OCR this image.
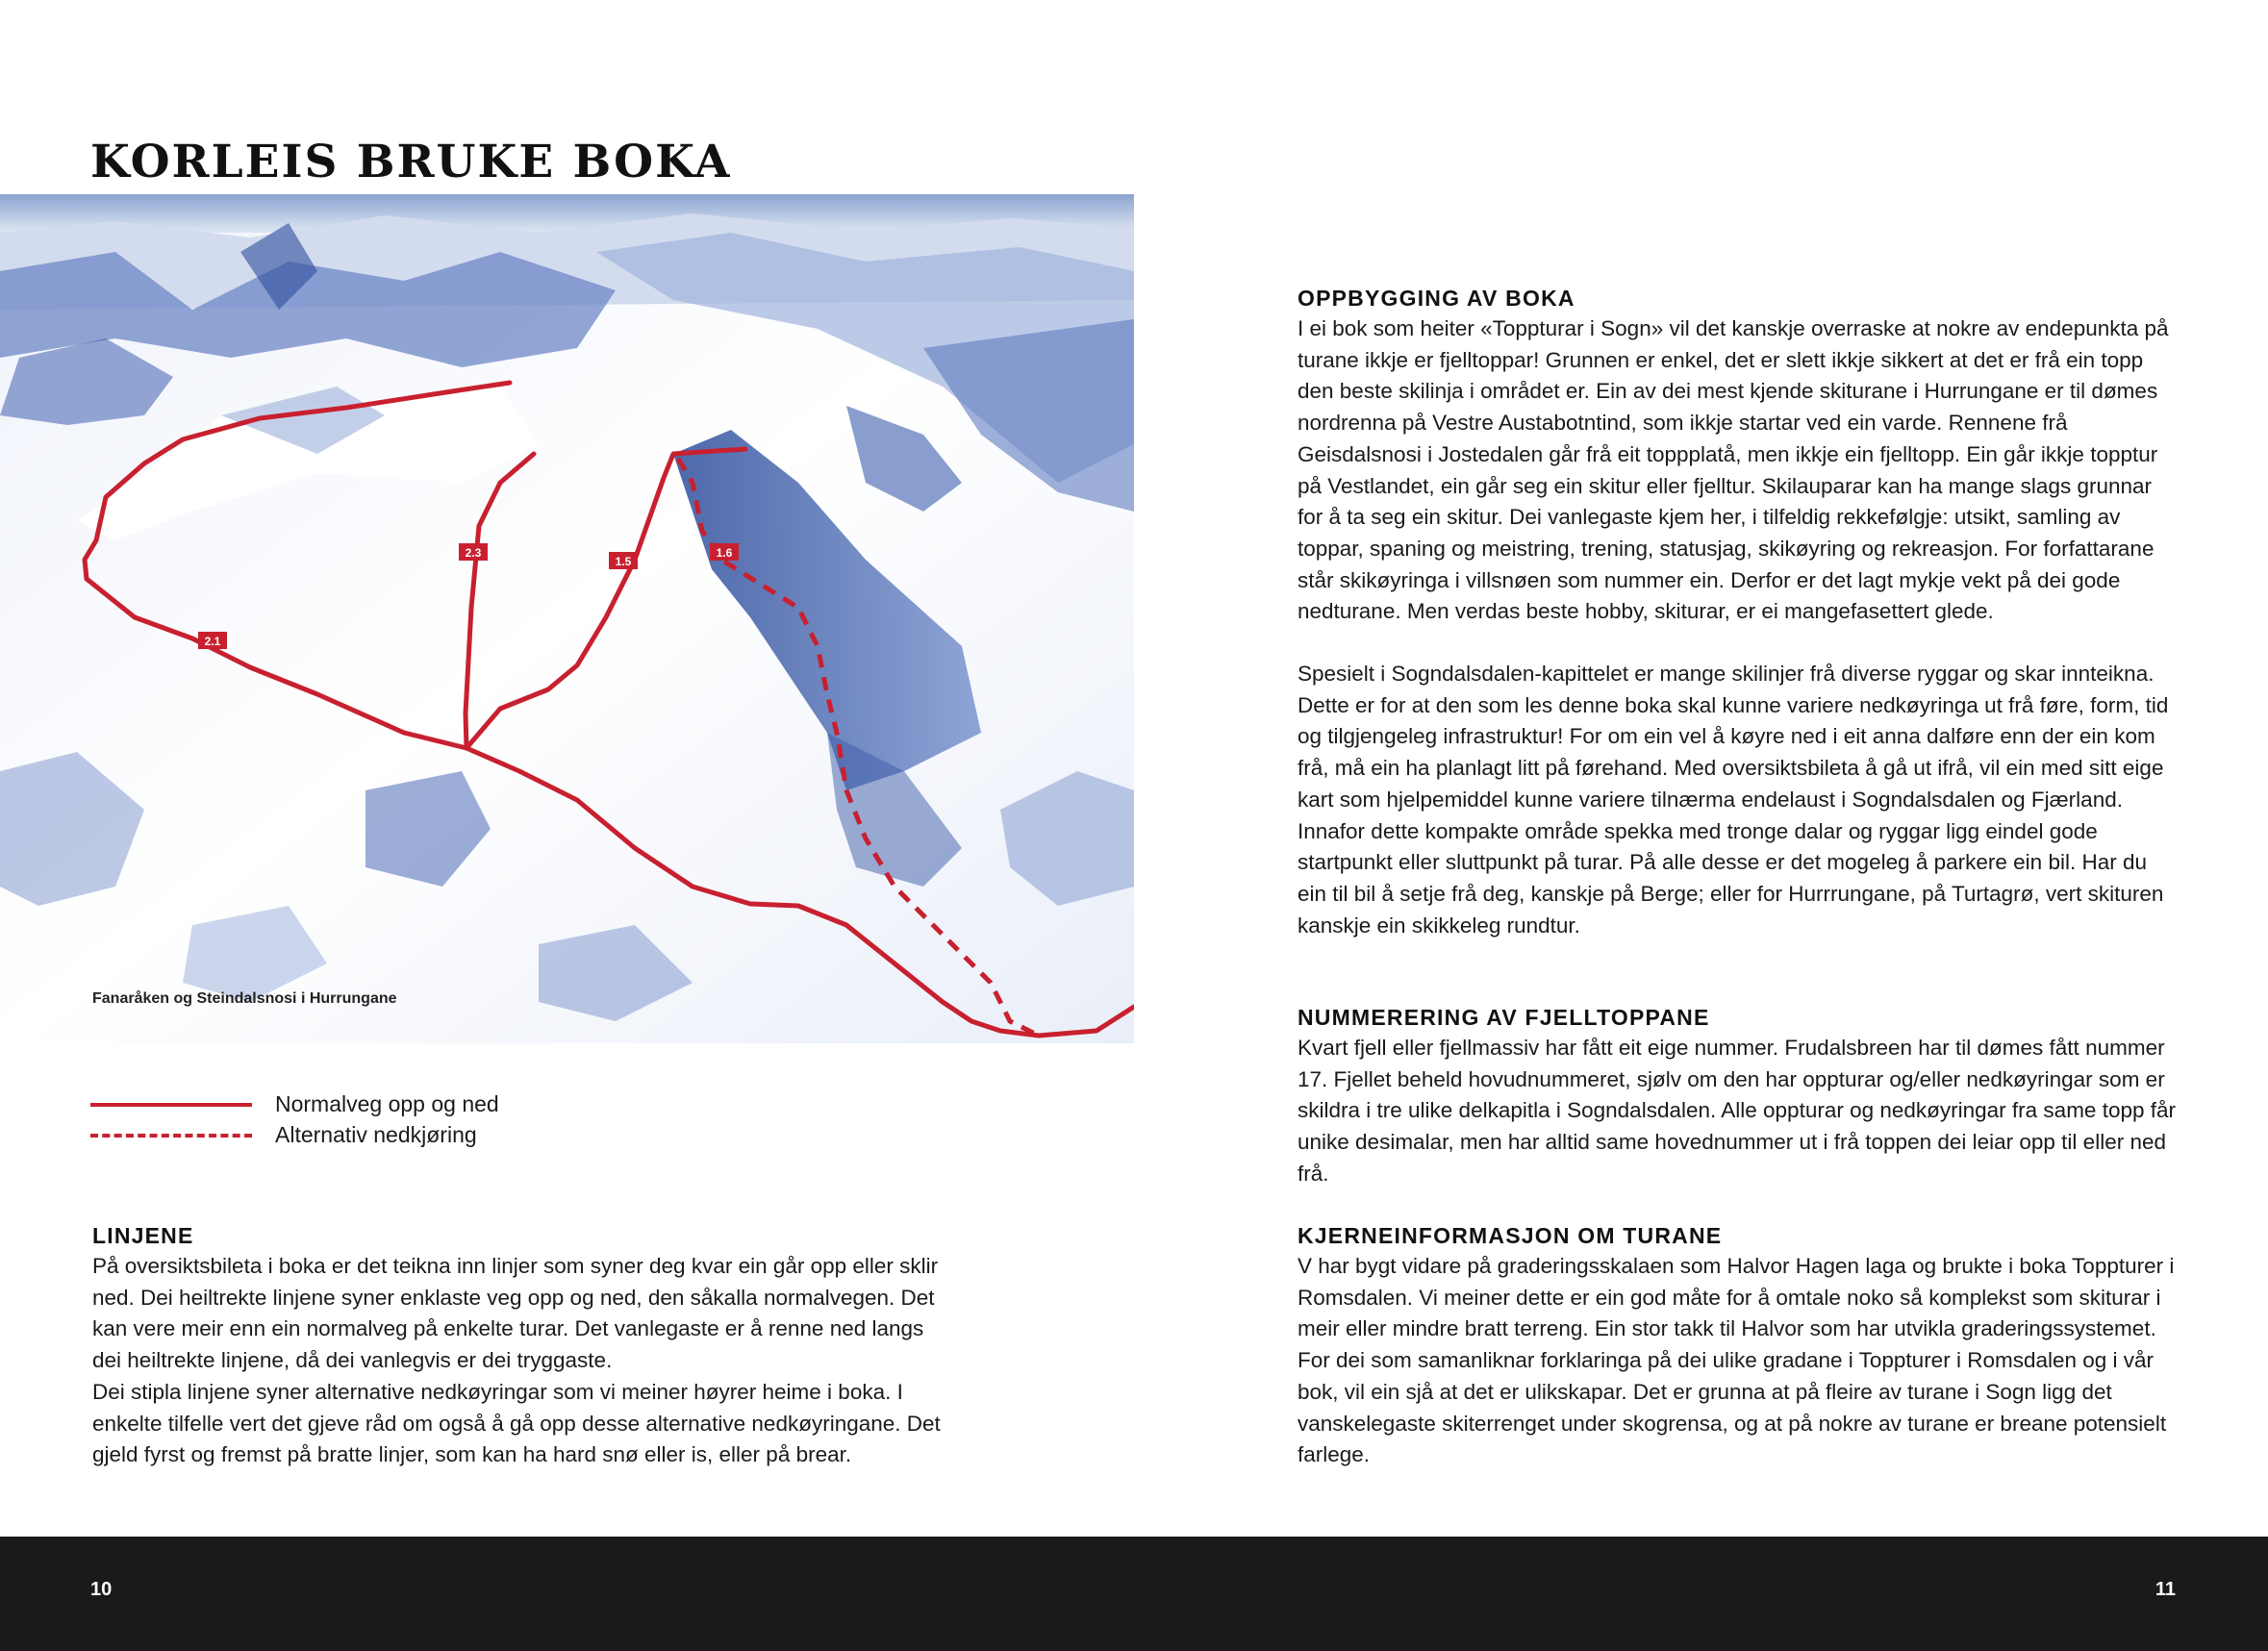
KORLEIS BRUKE BOKA
2.1
2.3
1.5
1.6
Fanaråken og Steindalsnosi i Hurrungane
Normalveg opp og ned
Alternativ nedkjøring
LINJENE

På oversiktsbileta i boka er det teikna inn linjer som syner deg kvar ein går opp eller sklir ned. Dei heiltrekte linjene syner enklaste veg opp og ned, den såkalla normalvegen. Det kan vere meir enn ein normalveg på enkelte turar. Det vanlegaste er å renne ned langs dei heiltrekte linjene, då dei vanlegvis er dei tryggaste.

Dei stipla linjene syner alternative nedkøyringar som vi meiner høyrer heime i boka. I enkelte tilfelle vert det gjeve råd om også å gå opp desse alternative nedkøyringane. Det gjeld fyrst og fremst på bratte linjer, som kan ha hard snø eller is, eller på brear.

OPPBYGGING AV BOKA

I ei bok som heiter «Toppturar i Sogn» vil det kanskje overraske at nokre av endepunkta på turane ikkje er fjelltoppar! Grunnen er enkel, det er slett ikkje sikkert at det er frå ein topp den beste skilinja i området er. Ein av dei mest kjende skiturane i Hurrungane er til dømes nordrenna på Vestre Austabotntind, som ikkje startar ved ein varde. Rennene frå Geisdalsnosi i Jostedalen går frå eit toppplatå, men ikkje ein fjelltopp. Ein går ikkje topptur på Vestlandet, ein går seg ein skitur eller fjelltur. Skilauparar kan ha mange slags grunnar for å ta seg ein skitur. Dei vanlegaste kjem her, i tilfeldig rekkefølgje: utsikt, samling av toppar, spaning og meistring, trening, statusjag, skikøyring og rekreasjon. For forfattarane står skikøyringa i villsnøen som nummer ein. Derfor er det lagt mykje vekt på dei gode nedturane. Men verdas beste hobby, skiturar, er ei mangefasettert glede.

Spesielt i Sogndalsdalen-kapittelet er mange skilinjer frå diverse ryggar og skar innteikna. Dette er for at den som les denne boka skal kunne variere nedkøyringa ut frå føre, form, tid og tilgjengeleg infrastruktur! For om ein vel å køyre ned i eit anna dalføre enn der ein kom frå, må ein ha planlagt litt på førehand. Med oversiktsbileta å gå ut ifrå, vil ein med sitt eige kart som hjelpemiddel kunne variere tilnærma endelaust i Sogndalsdalen og Fjærland. Innafor dette kompakte område spekka med tronge dalar og ryggar ligg eindel gode startpunkt eller sluttpunkt på turar. På alle desse er det mogeleg å parkere ein bil. Har du ein til bil å setje frå deg, kanskje på Berge; eller for Hurrrungane, på Turtagrø, vert skituren kanskje ein skikkeleg rundtur.

NUMMERERING AV FJELLTOPPANE

Kvart fjell eller fjellmassiv har fått eit eige nummer. Frudalsbreen har til dømes fått nummer 17. Fjellet beheld hovudnummeret, sjølv om den har oppturar og/eller nedkøyringar som er skildra i tre ulike delkapitla i Sogndalsdalen. Alle oppturar og nedkøyringar fra same topp får unike desimalar, men har alltid same hovednummer ut i frå toppen dei leiar opp til eller ned frå.

KJERNEINFORMASJON OM TURANE

V har bygt vidare på graderingsskalaen som Halvor Hagen laga og brukte i boka Toppturer i Romsdalen. Vi meiner dette er ein god måte for å omtale noko så komplekst som skiturar i meir eller mindre bratt terreng. Ein stor takk til Halvor som har utvikla graderingssystemet. For dei som samanliknar forklaringa på dei ulike gradane i Toppturer i Romsdalen og i vår bok, vil ein sjå at det er ulikskapar. Det er grunna at på fleire av turane i Sogn ligg det vanskelegaste skiterrenget under skogrensa, og at på nokre av turane er breane potensielt farlege.

10	11
